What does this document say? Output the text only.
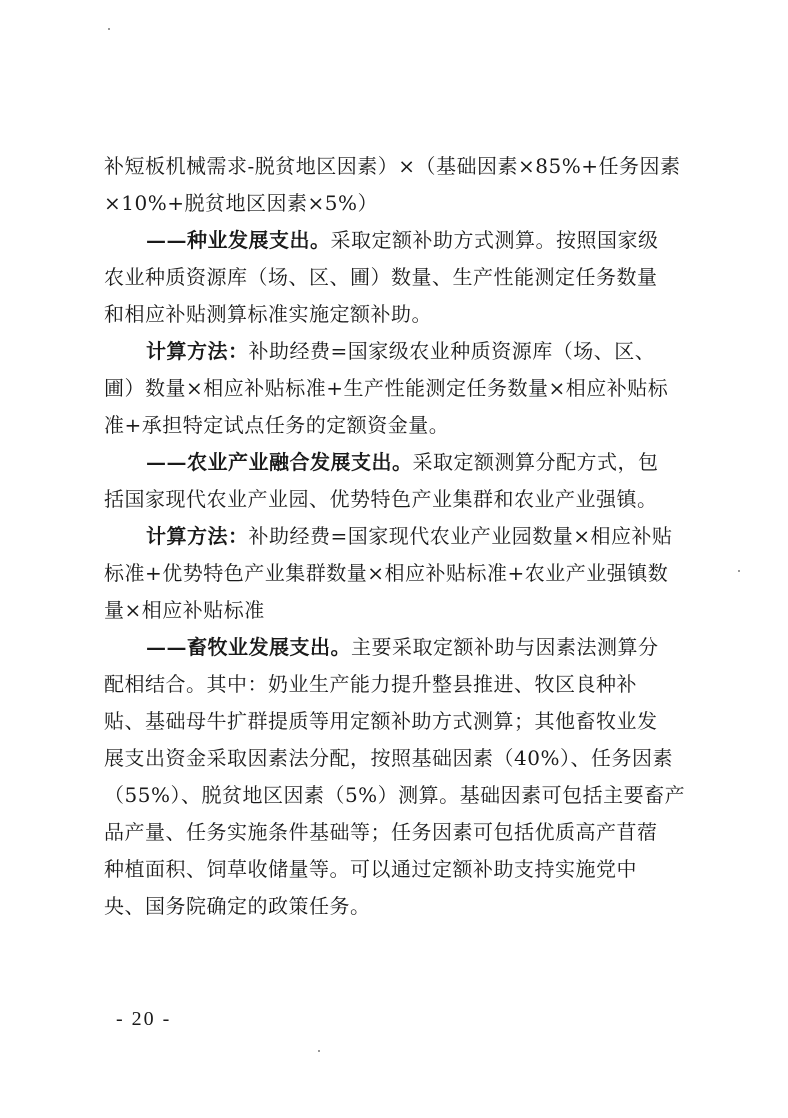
补短板机械需求-脱贫地区因素）×（基础因素×85%+任务因素
×10%+脱贫地区因素×5%）
——种业发展支出。采取定额补助方式测算。按照国家级
农业种质资源库（场、区、圃）数量、生产性能测定任务数量
和相应补贴测算标准实施定额补助。
计算方法：补助经费=国家级农业种质资源库（场、区、
圃）数量×相应补贴标准+生产性能测定任务数量×相应补贴标
准+承担特定试点任务的定额资金量。
——农业产业融合发展支出。采取定额测算分配方式，包
括国家现代农业产业园、优势特色产业集群和农业产业强镇。
计算方法：补助经费=国家现代农业产业园数量×相应补贴
标准+优势特色产业集群数量×相应补贴标准+农业产业强镇数
量×相应补贴标准
——畜牧业发展支出。主要采取定额补助与因素法测算分
配相结合。其中：奶业生产能力提升整县推进、牧区良种补
贴、基础母牛扩群提质等用定额补助方式测算；其他畜牧业发
展支出资金采取因素法分配，按照基础因素（40%）、任务因素
（55%）、脱贫地区因素（5%）测算。基础因素可包括主要畜产
品产量、任务实施条件基础等；任务因素可包括优质高产苜蓿
种植面积、饲草收储量等。可以通过定额补助支持实施党中
央、国务院确定的政策任务。
- 20 -
